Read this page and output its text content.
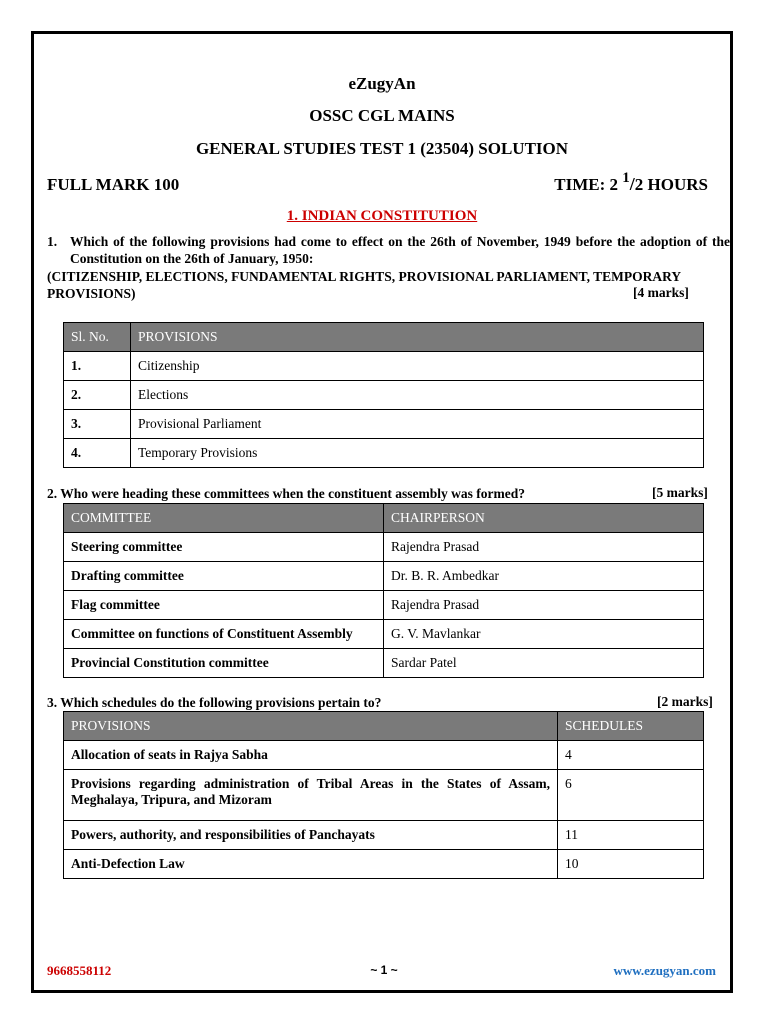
eZugyAn
OSSC CGL MAINS
GENERAL STUDIES TEST 1 (23504) SOLUTION
FULL MARK 100	TIME: 2 $^1$/2 HOURS
1. INDIAN CONSTITUTION
1. Which of the following provisions had come to effect on the 26th of November, 1949 before the adoption of the Constitution on the 26th of January, 1950:
(CITIZENSHIP, ELECTIONS, FUNDAMENTAL RIGHTS, PROVISIONAL PARLIAMENT, TEMPORARY PROVISIONS)	[4 marks]
Sl. No.	PROVISIONS
1.	Citizenship
2.	Elections
3.	Provisional Parliament
4.	Temporary Provisions
2. Who were heading these committees when the constituent assembly was formed?	[5 marks]
COMMITTEE	CHAIRPERSON
Steering committee	Rajendra Prasad
Drafting committee	Dr. B. R. Ambedkar
Flag committee	Rajendra Prasad
Committee on functions of Constituent Assembly	G. V. Mavlankar
Provincial Constitution committee	Sardar Patel
3. Which schedules do the following provisions pertain to?	[2 marks]
PROVISIONS	SCHEDULES
Allocation of seats in Rajya Sabha	4
Provisions regarding administration of Tribal Areas in the States of Assam, Meghalaya, Tripura, and Mizoram	6
Powers, authority, and responsibilities of Panchayats	11
Anti-Defection Law	10
9668558112	~ 1 ~	www.ezugyan.com
